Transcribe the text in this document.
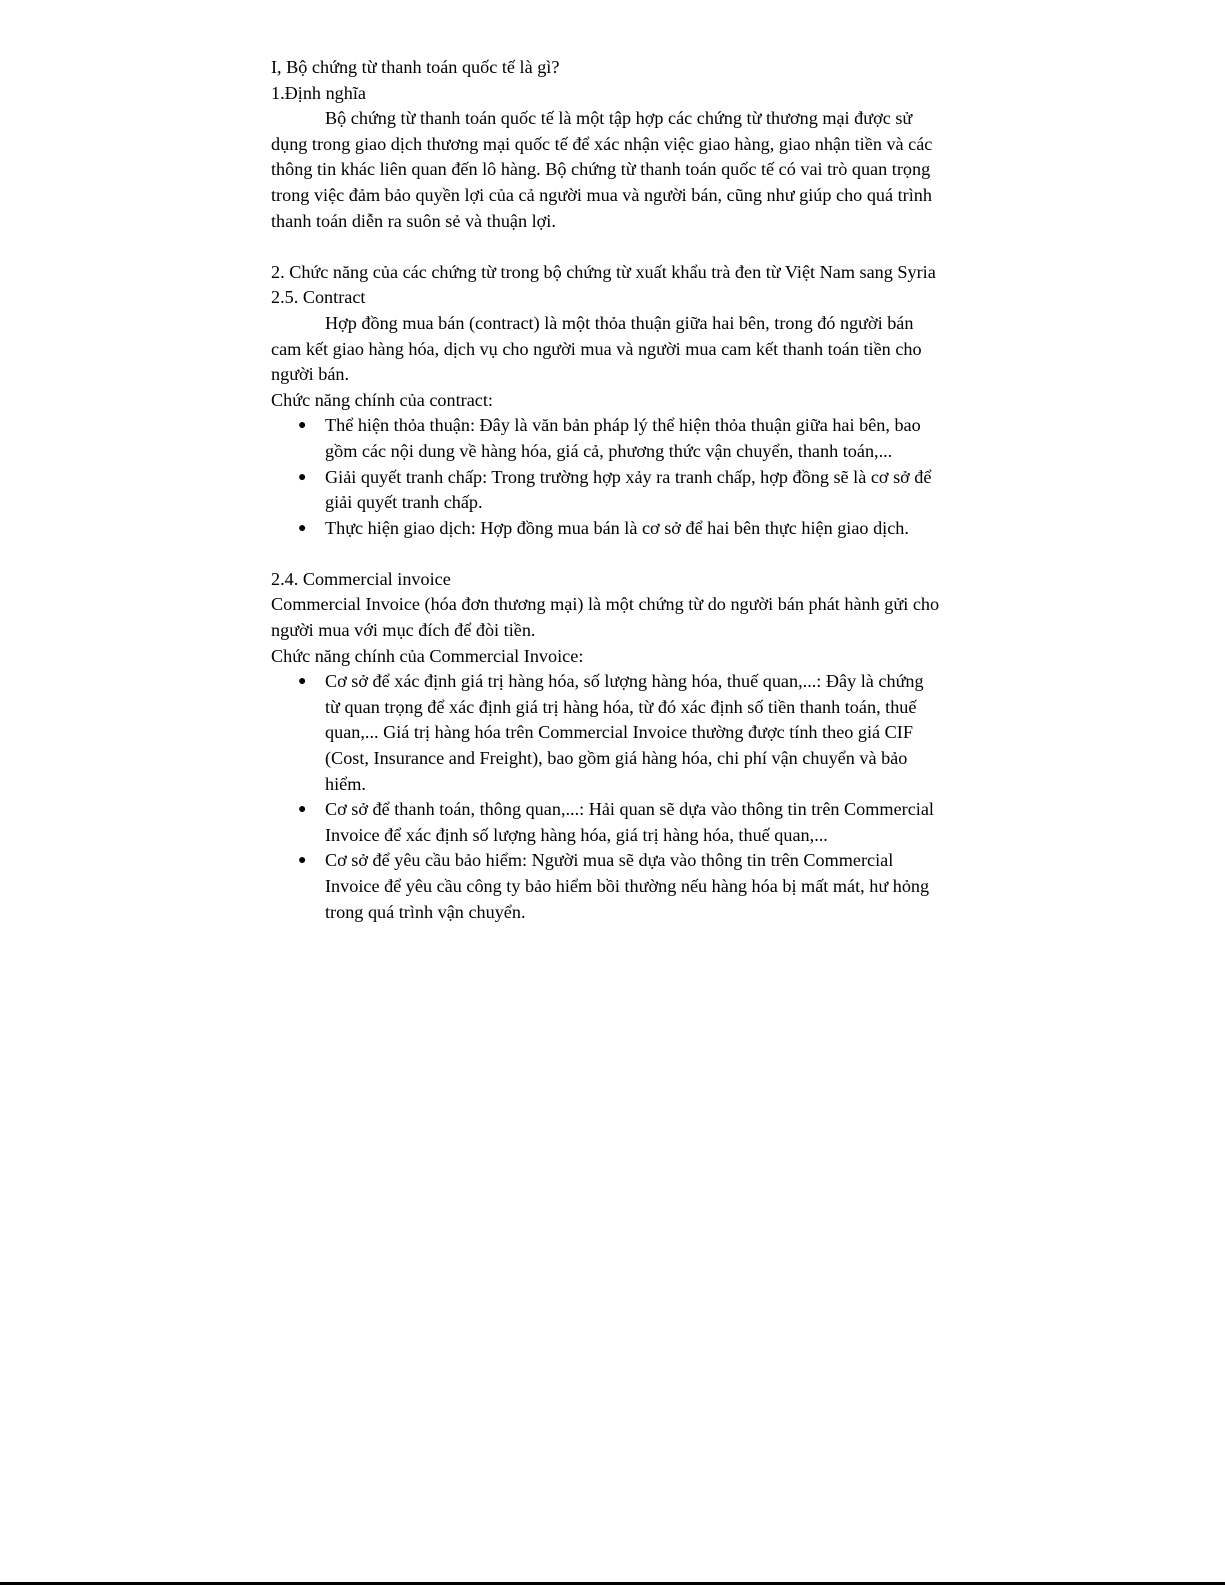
I, Bộ chứng từ thanh toán quốc tế là gì?
1.Định nghĩa
Bộ chứng từ thanh toán quốc tế là một tập hợp các chứng từ thương mại được sử dụng trong giao dịch thương mại quốc tế để xác nhận việc giao hàng, giao nhận tiền và các thông tin khác liên quan đến lô hàng. Bộ chứng từ thanh toán quốc tế có vai trò quan trọng trong việc đảm bảo quyền lợi của cả người mua và người bán, cũng như giúp cho quá trình thanh toán diễn ra suôn sẻ và thuận lợi.
2. Chức năng của các chứng từ trong bộ chứng từ xuất khẩu trà đen từ Việt Nam sang Syria
2.5. Contract
Hợp đồng mua bán (contract) là một thỏa thuận giữa hai bên, trong đó người bán cam kết giao hàng hóa, dịch vụ cho người mua và người mua cam kết thanh toán tiền cho người bán.
Chức năng chính của contract:
● Thể hiện thỏa thuận: Đây là văn bản pháp lý thể hiện thỏa thuận giữa hai bên, bao gồm các nội dung về hàng hóa, giá cả, phương thức vận chuyển, thanh toán,...
● Giải quyết tranh chấp: Trong trường hợp xảy ra tranh chấp, hợp đồng sẽ là cơ sở để giải quyết tranh chấp.
● Thực hiện giao dịch: Hợp đồng mua bán là cơ sở để hai bên thực hiện giao dịch.
2.4. Commercial invoice
Commercial Invoice (hóa đơn thương mại) là một chứng từ do người bán phát hành gửi cho người mua với mục đích để đòi tiền.
Chức năng chính của Commercial Invoice:
● Cơ sở để xác định giá trị hàng hóa, số lượng hàng hóa, thuế quan,...: Đây là chứng từ quan trọng để xác định giá trị hàng hóa, từ đó xác định số tiền thanh toán, thuế quan,... Giá trị hàng hóa trên Commercial Invoice thường được tính theo giá CIF (Cost, Insurance and Freight), bao gồm giá hàng hóa, chi phí vận chuyển và bảo hiểm.
● Cơ sở để thanh toán, thông quan,...: Hải quan sẽ dựa vào thông tin trên Commercial Invoice để xác định số lượng hàng hóa, giá trị hàng hóa, thuế quan,...
● Cơ sở để yêu cầu bảo hiểm: Người mua sẽ dựa vào thông tin trên Commercial Invoice để yêu cầu công ty bảo hiểm bồi thường nếu hàng hóa bị mất mát, hư hỏng trong quá trình vận chuyển.
